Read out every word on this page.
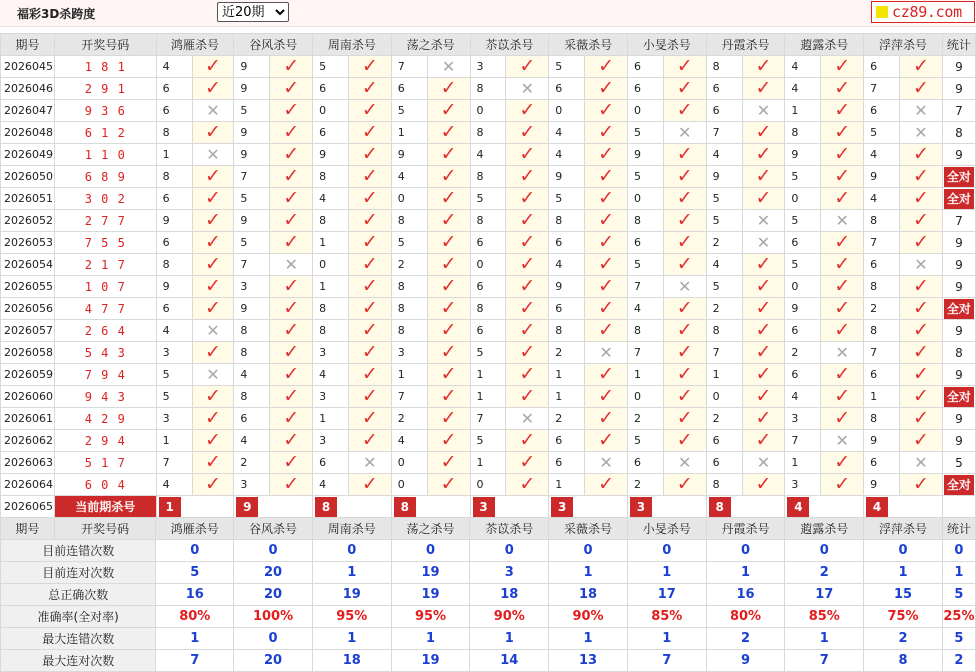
福彩3D杀跨度
近20期	cz89.com
期号	开奖号码	鸿雁杀号		谷风杀号		周南杀号		荡之杀号		苶苡杀号		采薇杀号		小旻杀号		丹霞杀号		蕸露杀号		浮萍杀号		统计
2026045	1 8 1	4	✓	9	✓	5	✓	7	✕	3	✓	5	✓	6	✓	8	✓	4	✓	6	✓	9
2026046	2 9 1	6	✓	9	✓	6	✓	6	✓	8	✕	6	✓	6	✓	6	✓	4	✓	7	✓	9
2026047	9 3 6	6	✕	5	✓	0	✓	5	✓	0	✓	0	✓	0	✓	6	✕	1	✓	6	✕	7
2026048	6 1 2	8	✓	9	✓	6	✓	1	✓	8	✓	4	✓	5	✕	7	✓	8	✓	5	✕	8
2026049	1 1 0	1	✕	9	✓	9	✓	9	✓	4	✓	4	✓	9	✓	4	✓	9	✓	4	✓	9
2026050	6 8 9	8	✓	7	✓	8	✓	4	✓	8	✓	9	✓	5	✓	9	✓	5	✓	9	✓	全对
2026051	3 0 2	6	✓	5	✓	4	✓	0	✓	5	✓	5	✓	0	✓	5	✓	0	✓	4	✓	全对
2026052	2 7 7	9	✓	9	✓	8	✓	8	✓	8	✓	8	✓	8	✓	5	✕	5	✕	8	✓	7
2026053	7 5 5	6	✓	5	✓	1	✓	5	✓	6	✓	6	✓	6	✓	2	✕	6	✓	7	✓	9
2026054	2 1 7	8	✓	7	✕	0	✓	2	✓	0	✓	4	✓	5	✓	4	✓	5	✓	6	✕	9
2026055	1 0 7	9	✓	3	✓	1	✓	8	✓	6	✓	9	✓	7	✕	5	✓	0	✓	8	✓	9
2026056	4 7 7	6	✓	9	✓	8	✓	8	✓	8	✓	6	✓	4	✓	2	✓	9	✓	2	✓	全对
2026057	2 6 4	4	✕	8	✓	8	✓	8	✓	6	✓	8	✓	8	✓	8	✓	6	✓	8	✓	9
2026058	5 4 3	3	✓	8	✓	3	✓	3	✓	5	✓	2	✕	7	✓	7	✓	2	✕	7	✓	8
2026059	7 9 4	5	✕	4	✓	4	✓	1	✓	1	✓	1	✓	1	✓	1	✓	6	✓	6	✓	9
2026060	9 4 3	5	✓	8	✓	3	✓	7	✓	1	✓	1	✓	0	✓	0	✓	4	✓	1	✓	全对
2026061	4 2 9	3	✓	6	✓	1	✓	2	✓	7	✕	2	✓	2	✓	2	✓	3	✓	8	✓	9
2026062	2 9 4	1	✓	4	✓	3	✓	4	✓	5	✓	6	✓	5	✓	6	✓	7	✕	9	✓	9
2026063	5 1 7	7	✓	2	✓	6	✕	0	✓	1	✓	6	✕	6	✕	6	✕	1	✓	6	✕	5
2026064	6 0 4	4	✓	3	✓	4	✓	0	✓	0	✓	1	✓	2	✓	8	✓	3	✓	9	✓	全对
2026065	当前期杀号	1		9		8		8		3		3		3		8		4		4		
期号	开奖号码	鸿雁杀号	谷风杀号	周南杀号	荡之杀号	苶苡杀号	采薇杀号	小旻杀号	丹霞杀号	蕸露杀号	浮萍杀号	统计
目前连错次数		0	0	0	0	0	0	0	0	0	0	0
目前连对次数		5	20	1	19	3	1	1	1	2	1	1
总正确次数		16	20	19	19	18	18	17	16	17	15	5
准确率(全对率)		80%	100%	95%	95%	90%	90%	85%	80%	85%	75%	25%
最大连错次数		1	0	1	1	1	1	1	2	1	2	5
最大连对次数		7	20	18	19	14	13	7	9	7	8	2
